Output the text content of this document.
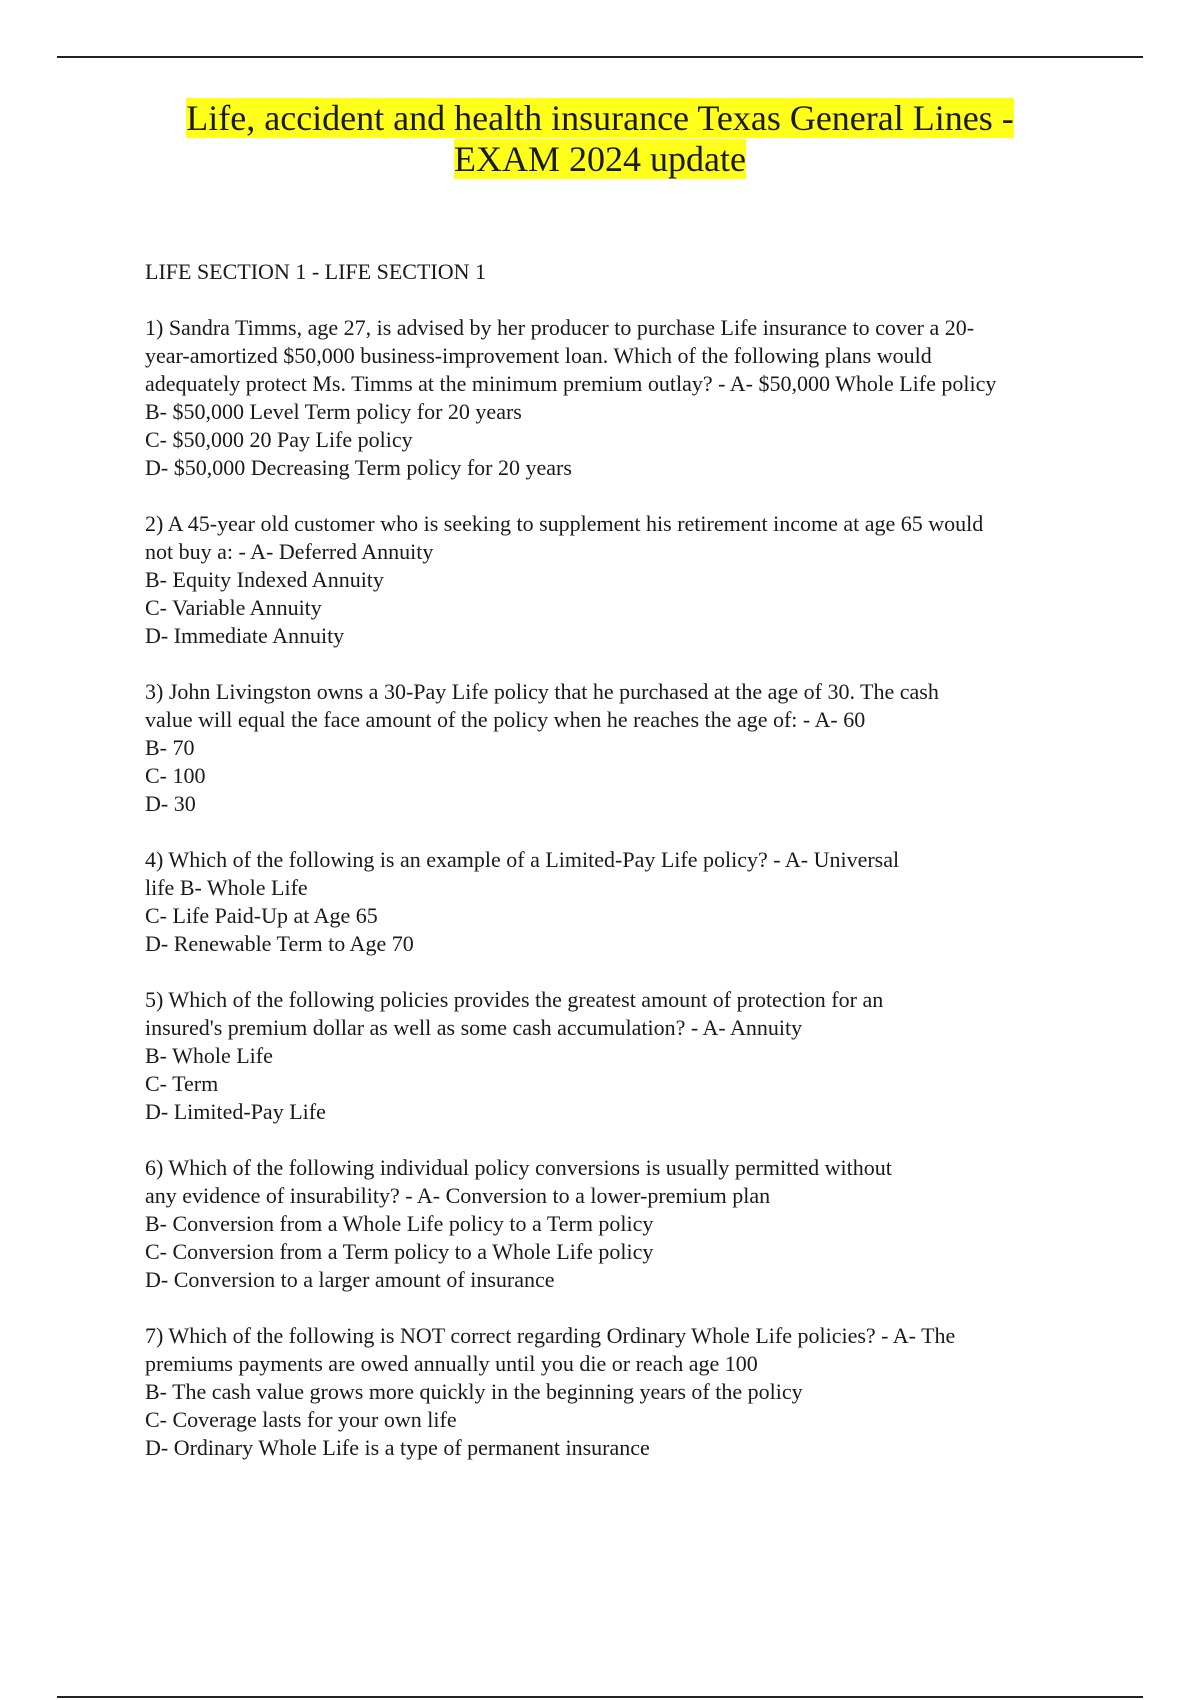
Life, accident and health insurance Texas General Lines -
EXAM 2024 update

LIFE SECTION 1 - LIFE SECTION 1

1) Sandra Timms, age 27, is advised by her producer to purchase Life insurance to cover a 20-

year-amortized $50,000 business-improvement loan. Which of the following plans would

adequately protect Ms. Timms at the minimum premium outlay? - A- $50,000 Whole Life policy

B- $50,000 Level Term policy for 20 years

C- $50,000 20 Pay Life policy

D- $50,000 Decreasing Term policy for 20 years

2) A 45-year old customer who is seeking to supplement his retirement income at age 65 would

not buy a: - A- Deferred Annuity

B- Equity Indexed Annuity

C- Variable Annuity

D- Immediate Annuity

3) John Livingston owns a 30-Pay Life policy that he purchased at the age of 30. The cash

value will equal the face amount of the policy when he reaches the age of: - A- 60

B- 70

C- 100

D- 30

4) Which of the following is an example of a Limited-Pay Life policy? - A- Universal

life B- Whole Life

C- Life Paid-Up at Age 65

D- Renewable Term to Age 70

5) Which of the following policies provides the greatest amount of protection for an

insured's premium dollar as well as some cash accumulation? - A- Annuity

B- Whole Life

C- Term

D- Limited-Pay Life

6) Which of the following individual policy conversions is usually permitted without

any evidence of insurability? - A- Conversion to a lower-premium plan

B- Conversion from a Whole Life policy to a Term policy

C- Conversion from a Term policy to a Whole Life policy

D- Conversion to a larger amount of insurance

7) Which of the following is NOT correct regarding Ordinary Whole Life policies? - A- The

premiums payments are owed annually until you die or reach age 100

B- The cash value grows more quickly in the beginning years of the policy

C- Coverage lasts for your own life

D- Ordinary Whole Life is a type of permanent insurance
